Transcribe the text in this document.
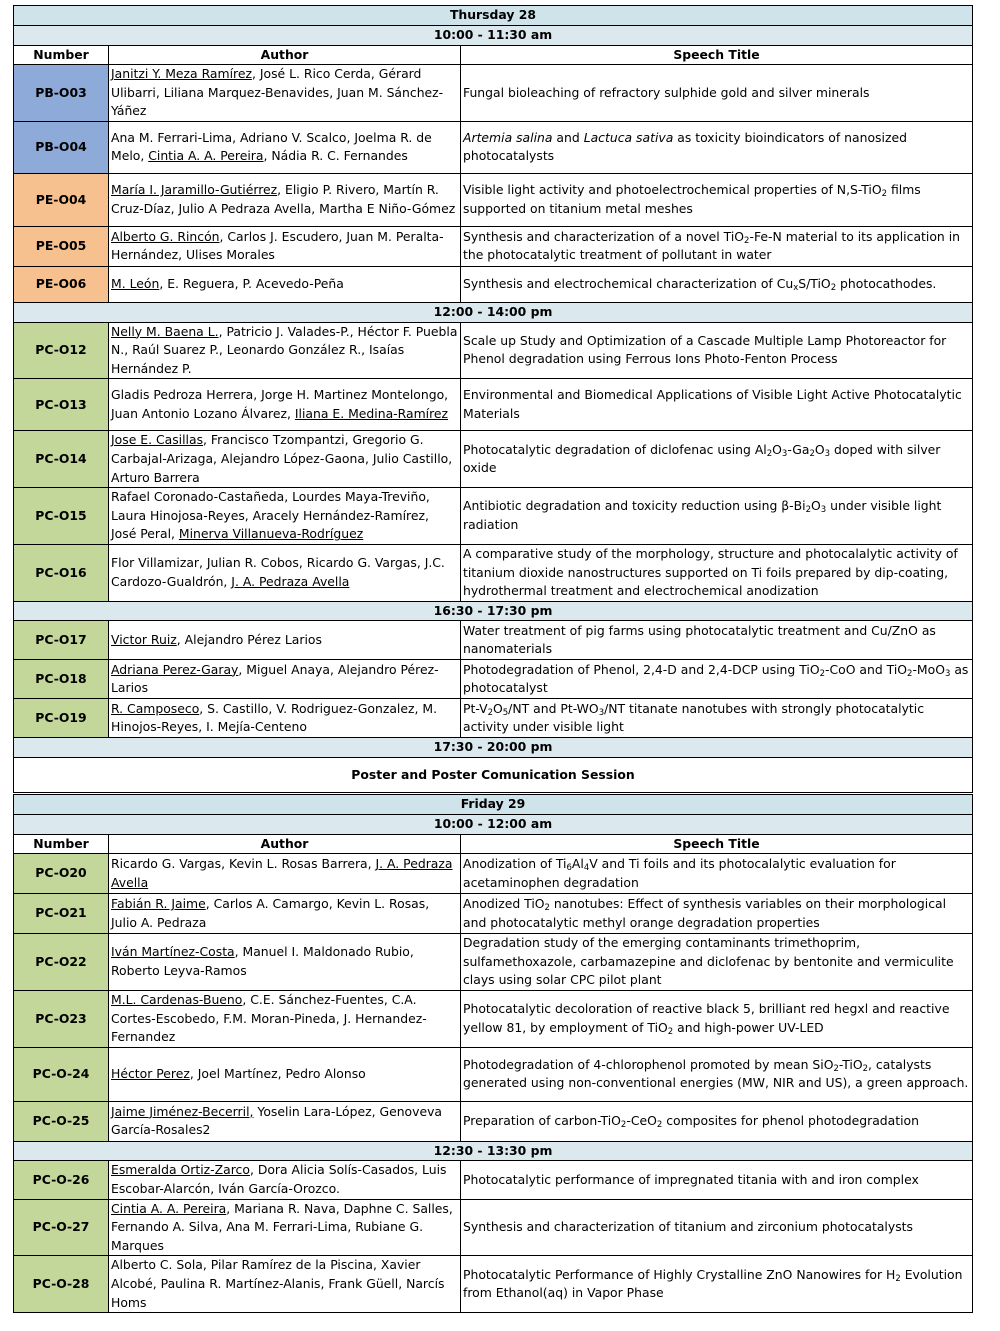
Thursday 28		
10:00 - 11:30 am		
Number	Author	Speech Title
PB-O03	Janitzi Y. Meza Ramírez, José L. Rico Cerda, Gérard Ulibarri, Liliana Marquez-Benavides, Juan M. Sánchez-Yáñez	Fungal bioleaching of refractory sulphide gold and silver minerals
PB-O04	Ana M. Ferrari-Lima, Adriano V. Scalco, Joelma R. de Melo, Cintia A. A. Pereira, Nádia R. C. Fernandes	Artemia salina and Lactuca sativa as toxicity bioindicators of nanosized photocatalysts
PE-O04	María I. Jaramillo-Gutiérrez, Eligio P. Rivero, Martín R. Cruz-Díaz, Julio A Pedraza Avella, Martha E Niño-Gómez	Visible light activity and photoelectrochemical properties of N,S-TiO$_2$ films supported on titanium metal meshes
PE-O05	Alberto G. Rincón, Carlos J. Escudero, Juan M. Peralta-Hernández, Ulises Morales	Synthesis and characterization of a novel TiO$_2$-Fe-N material to its application in the photocatalytic treatment of pollutant in water
PE-O06	M. León, E. Reguera, P. Acevedo-Peña	Synthesis and electrochemical characterization of $Cu_xS/TiO_2$ photocathodes.
12:00 - 14:00 pm		
PC-O12	Nelly M. Baena L., Patricio J. Valades-P., Héctor F. Puebla N., Raúl Suarez P., Leonardo González R., Isaías Hernández P.	Scale up Study and Optimization of a Cascade Multiple Lamp Photoreactor for Phenol degradation using Ferrous Ions Photo-Fenton Process
PC-O13	Gladis Pedroza Herrera, Jorge H. Martinez Montelongo, Juan Antonio Lozano Álvarez, Iliana E. Medina-Ramírez	Environmental and Biomedical Applications of Visible Light Active Photocatalytic Materials
PC-O14	Jose E. Casillas, Francisco Tzompantzi, Gregorio G. Carbajal-Arizaga, Alejandro López-Gaona, Julio Castillo, Arturo Barrera	Photocatalytic degradation of diclofenac using $Al_2O_3-Ga_2O_3$ doped with silver oxide
PC-O15	Rafael Coronado-Castañeda, Lourdes Maya-Treviño, Laura Hinojosa-Reyes, Aracely Hernández-Ramírez, José Peral, Minerva Villanueva-Rodríguez	Antibiotic degradation and toxicity reduction using $\beta-Bi_2O_3$ under visible light radiation
PC-O16	Flor Villamizar, Julian R. Cobos, Ricardo G. Vargas, J.C. Cardozo-Gualdrón, J. A. Pedraza Avella	A comparative study of the morphology, structure and photocalalytic activity of titanium dioxide nanostructures supported on Ti foils prepared by dip-coating, hydrothermal treatment and electrochemical anodization
16:30 - 17:30 pm		
PC-O17	Victor Ruiz, Alejandro Pérez Larios	Water treatment of pig farms using photocatalytic treatment and Cu/ZnO as nanomaterials
PC-O18	Adriana Perez-Garay, Miguel Anaya, Alejandro Pérez-Larios	Photodegradation of Phenol, 2,4-D and 2,4-DCP using TiO$_2$-CoO and TiO$_2$-MoO$_3$ as photocatalyst
PC-O19	R. Camposeco, S. Castillo, V. Rodriguez-Gonzalez, M. Hinojos-Reyes, I. Mejía-Centeno	$Pt-V_2O_5/NT$ and $Pt-WO_3/NT$ titanate nanotubes with strongly photocatalytic activity under visible light
17:30 - 20:00 pm		
Poster and Poster Comunication Session		
Friday 29		
10:00 - 12:00 am		
Number	Author	Speech Title
PC-O20	Ricardo G. Vargas, Kevin L. Rosas Barrera, J. A. Pedraza Avella	Anodization of $Ti_6Al_4V$ and Ti foils and its photocalalytic evaluation for acetaminophen degradation
PC-O21	Fabián R. Jaime, Carlos A. Camargo, Kevin L. Rosas, Julio A. Pedraza	Anodized TiO$_2$ nanotubes: Effect of synthesis variables on their morphological and photocatalytic methyl orange degradation properties
PC-O22	Iván Martínez-Costa, Manuel I. Maldonado Rubio, Roberto Leyva-Ramos	Degradation study of the emerging contaminants trimethoprim, sulfamethoxazole, carbamazepine and diclofenac by bentonite and vermiculite clays using solar CPC pilot plant
PC-O23	M.L. Cardenas-Bueno, C.E. Sánchez-Fuentes, C.A. Cortes-Escobedo, F.M. Moran-Pineda, J. Hernandez-Fernandez	Photocatalytic decoloration of reactive black 5, brilliant red hegxl and reactive yellow 81, by employment of TiO$_2$ and high-power UV-LED
PC-O-24	Héctor Perez, Joel Martínez, Pedro Alonso	Photodegradation of 4-chlorophenol promoted by mean SiO$_2$-TiO$_2$, catalysts generated using non-conventional energies (MW, NIR and US), a green approach.
PC-O-25	Jaime Jiménez-Becerril, Yoselin Lara-López, Genoveva García-Rosales2	Preparation of carbon-TiO$_2$-CeO$_2$ composites for phenol photodegradation
12:30 - 13:30 pm		
PC-O-26	Esmeralda Ortiz-Zarco, Dora Alicia Solís-Casados, Luis Escobar-Alarcón, Iván García-Orozco.	Photocatalytic performance of impregnated titania with and iron complex
PC-O-27	Cintia A. A. Pereira, Mariana R. Nava, Daphne C. Salles, Fernando A. Silva, Ana M. Ferrari-Lima, Rubiane G. Marques	Synthesis and characterization of titanium and zirconium photocatalysts
PC-O-28	Alberto C. Sola, Pilar Ramírez de la Piscina, Xavier Alcobé, Paulina R. Martínez-Alanis, Frank Güell, Narcís Homs	Photocatalytic Performance of Highly Crystalline ZnO Nanowires for $H_2$ Evolution from Ethanol(aq) in Vapor Phase
